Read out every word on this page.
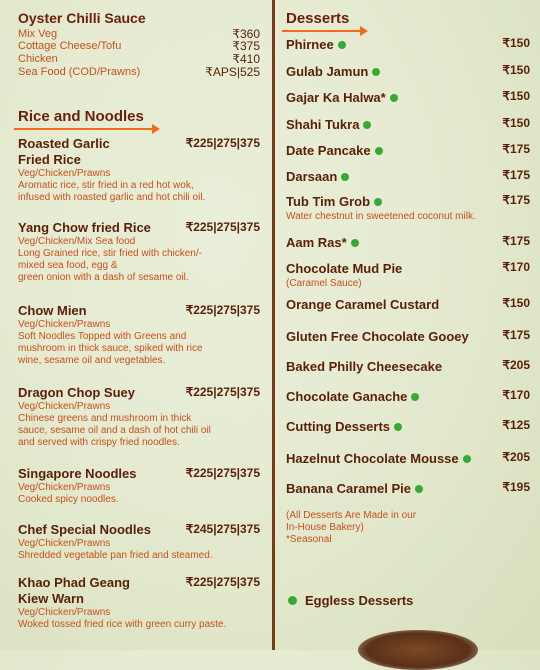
Oyster Chilli Sauce
Mix Veg	₹360
Cottage Cheese/Tofu	₹375
Chicken	₹410
Sea Food (COD/Prawns)	₹APS|525
Rice and Noodles
Roasted Garlic
Fried Rice
₹225|275|375
Veg/Chicken/Prawns
Aromatic rice, stir fried in a red hot wok,
infused with roasted garlic and hot chili oil.
Yang Chow fried Rice	₹225|275|375
Veg/Chicken/Mix Sea food
Long Grained rice, stir fried with chicken/-
mixed sea food, egg &
green onion with a dash of sesame oil.
Chow Mien	₹225|275|375
Veg/Chicken/Prawns
Soft Noodles Topped with Greens and
mushroom in thick sauce, spiked with rice
wine, sesame oil and vegetables.
Dragon Chop Suey	₹225|275|375
Veg/Chicken/Prawns
Chinese greens and mushroom in thick
sauce, sesame oil and a dash of hot chili oil
and served with crispy fried noodles.
Singapore Noodles	₹225|275|375
Veg/Chicken/Prawns
Cooked spicy noodles.
Chef Special Noodles	₹245|275|375
Veg/Chicken/Prawns
Shredded vegetable pan fried and steamed.
Khao Phad Geang
Kiew Warn
₹225|275|375
Veg/Chicken/Prawns
Woked tossed fried rice with green curry paste.
Desserts
Phirnee	₹150
Gulab Jamun	₹150
Gajar Ka Halwa*	₹150
Shahi Tukra	₹150
Date Pancake	₹175
Darsaan	₹175
Tub Tim Grob	₹175
Water chestnut in sweetened coconut milk.
Aam Ras*	₹175
Chocolate Mud Pie	₹170
(Caramel Sauce)
Orange Caramel Custard	₹150
Gluten Free Chocolate Gooey	₹175
Baked Philly Cheesecake	₹205
Chocolate Ganache	₹170
Cutting Desserts	₹125
Hazelnut Chocolate Mousse	₹205
Banana Caramel Pie	₹195
(All Desserts Are Made in our
In-House Bakery)
*Seasonal
Eggless Desserts
